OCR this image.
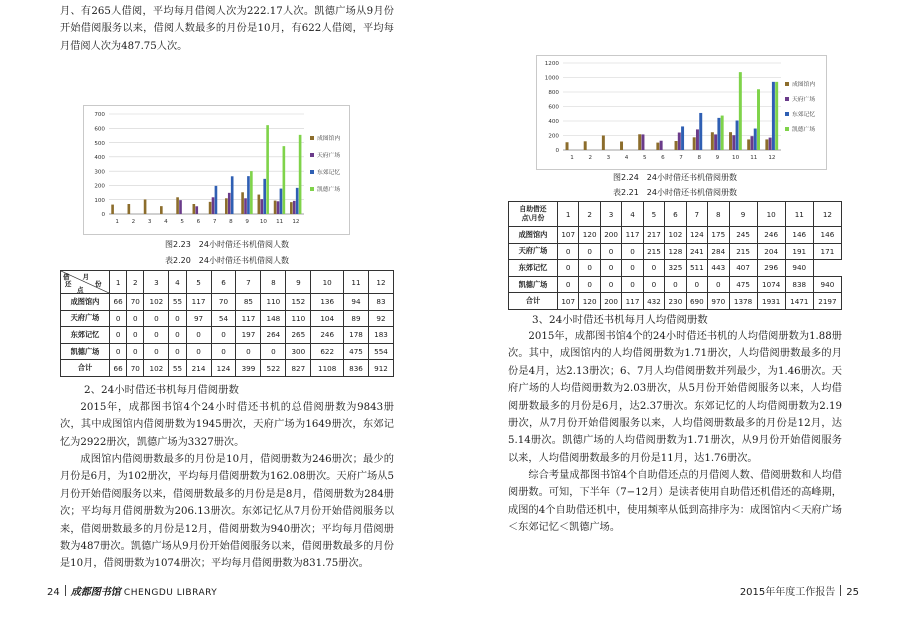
月、有265人借阅，平均每月借阅人次为222.17人次。凯德广场从9月份开始借阅服务以来，借阅人数最多的月份是10月，有622人借阅，平均每月借阅人次为487.75人次。

0
100
200
300
400
500
600
700
1 2 3 4 5 6 7 8 9 10 11 12
成图馆内
天府广场
东郊记忆
凯德广场
图2.23　24小时借还书机借阅人数
表2.20　24小时借还书机借阅人数
借　　月
还 份
点	1	2	3	4	5	6	7	8	9	10	11	12
成图馆内	66	70	102	55	117	70	85	110	152	136	94	83
天府广场	0	0	0	0	97	54	117	148	110	104	89	92
东郊记忆	0	0	0	0	0	0	197	264	265	246	178	183
凯德广场	0	0	0	0	0	0	0	0	300	622	475	554
合计	66	70	102	55	214	124	399	522	827	1108	836	912
2、24小时借还书机每月借阅册数

2015年，成都图书馆4个24小时借还书机的总借阅册数为9843册次，其中成图馆内借阅册数为1945册次，天府广场为1649册次，东郊记忆为2922册次，凯德广场为3327册次。

成图馆内借阅册数最多的月份是10月，借阅册数为246册次；最少的月份是6月，为102册次，平均每月借阅册数为162.08册次。天府广场从5月份开始借阅服务以来，借阅册数最多的月份是是8月，借阅册数为284册次；平均每月借阅册数为206.13册次。东郊记忆从7月份开始借阅服务以来，借阅册数最多的月份是12月，借阅册数为940册次；平均每月借阅册数为487册次。凯德广场从9月份开始借阅服务以来，借阅册数最多的月份是10月，借阅册数为1074册次；平均每月借阅册数为831.75册次。

24 成都图书馆 CHENGDU LIBRARY
0
200
400
600
800
1000
1200
1	2	3	4	5	6	7	8	9 10 11 12
成图馆内
天府广场
东郊记忆
凯德广场
图2.24　24小时借还书机借阅册数
表2.21　24小时借还书机借阅册数
自助借还
点\月份	1	2	3	4	5	6	7	8	9	10	11	12
成图馆内	107	120	200	117	217	102	124	175	245	246	146	146
天府广场	0	0	0	0	215	128	241	284	215	204	191	171
东郊记忆	0	0	0	0	0	325	511	443	407	296	940	
凯德广场	0	0	0	0	0	0	0	0	475	1074	838	940
合计	107	120	200	117	432	230	690	970	1378	1931	1471	2197
3、24小时借还书机每月人均借阅册数

2015年，成都图书馆4个的24小时借还书机的人均借阅册数为1.88册次。其中，成图馆内的人均借阅册数为1.71册次，人均借阅册数最多的月份是4月，达2.13册次；6、7月人均借阅册数并列最少，为1.46册次。天府广场的人均借阅册数为2.03册次，从5月份开始借阅服务以来，人均借阅册数最多的月份是6月，达2.37册次。东郊记忆的人均借阅册数为2.19册次，从7月份开始借阅服务以来，人均借阅册数最多的月份是12月，达5.14册次。凯德广场的人均借阅册数为1.71册次，从9月份开始借阅服务以来，人均借阅册数最多的月份是11月，达1.76册次。

综合考量成都图书馆4个自助借还点的月借阅人数、借阅册数和人均借阅册数。可知，下半年（7−12月）是读者使用自助借还机借还的高峰期，成图的4个自助借还机中，使用频率从低到高排序为：成图馆内＜天府广场＜东郊记忆＜凯德广场。

2015年年度工作报告 25
